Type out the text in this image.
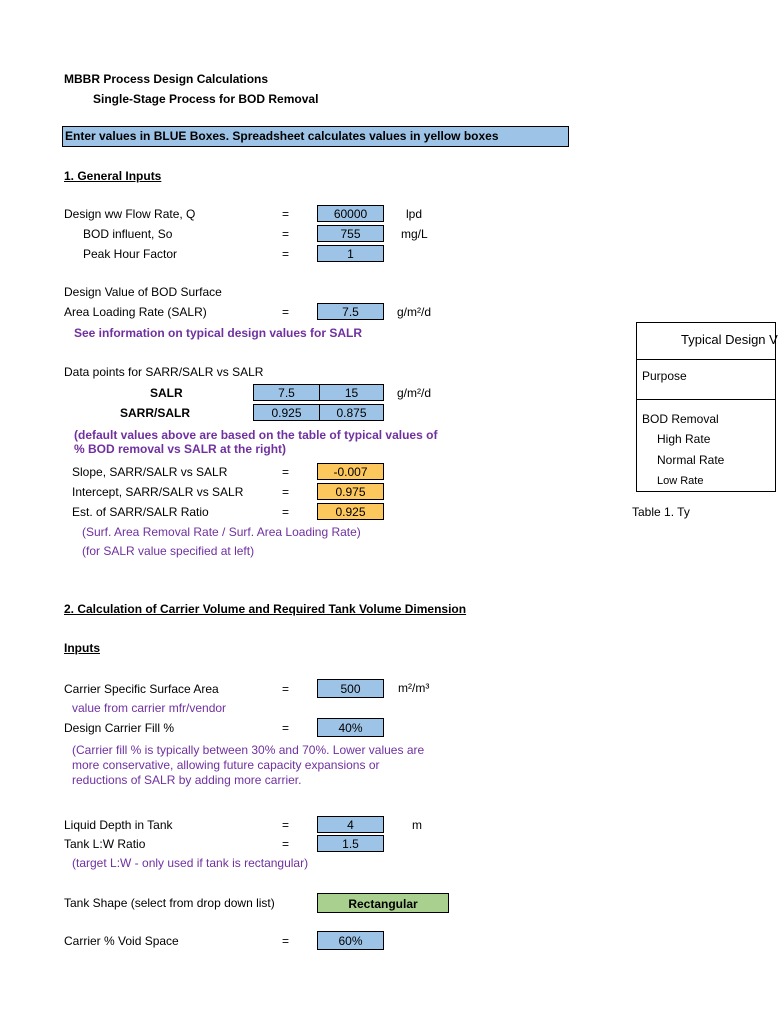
MBBR Process Design Calculations
Single-Stage Process for BOD Removal
Enter values in BLUE Boxes. Spreadsheet calculates values in yellow boxes
1. General Inputs
Design ww Flow Rate, Q	=	60000	lpd
BOD influent, So	=	755	mg/L
Peak Hour Factor	=	1
Design Value of BOD Surface
Area Loading Rate (SALR)	=	7.5	g/m²/d
See information on typical design values for SALR
Data points for SARR/SALR vs SALR
SALR	7.5	15	g/m²/d
SARR/SALR	0.925	0.875
(default values above are based on the table of typical values of
% BOD removal vs SALR at the right)
Slope, SARR/SALR vs SALR	=	-0.007
Intercept, SARR/SALR vs SALR	=	0.975
Est. of SARR/SALR Ratio	=	0.925
(Surf. Area Removal Rate / Surf. Area Loading Rate)
(for SALR value specified at left)
2. Calculation of Carrier Volume and Required Tank Volume Dimension
Inputs
Carrier Specific Surface Area	=	500	m²/m³
value from carrier mfr/vendor
Design Carrier Fill %	=	40%
(Carrier fill % is typically between 30% and 70%. Lower values are
more conservative, allowing future capacity expansions or
reductions of SALR by adding more carrier.
Liquid Depth in Tank	=	4	m
Tank L:W Ratio	=	1.5
(target L:W - only used if tank is rectangular)
Tank Shape (select from drop down list)	Rectangular
Carrier % Void Space	=	60%
Typical Design V
Purpose
BOD Removal
High Rate
Normal Rate
Low Rate
Table 1. Ty
